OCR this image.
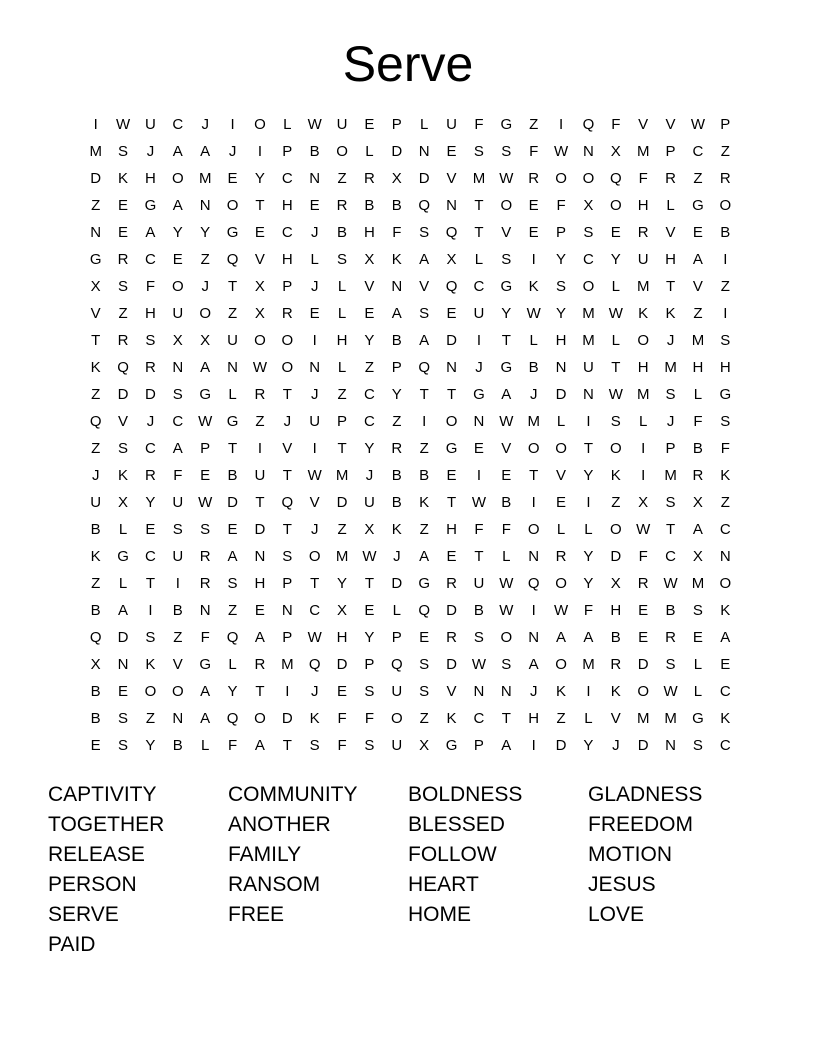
Serve
I	W U	C	J	I	O	L	W U	E	P	L	U	F	G	Z	I	Q	F	V	V	W	P
M	S	J	A	A	J	I	P	B	O	L	D	N	E	S	S	F	W N	X	M	P	C	Z
D	K	H	O	M	E	Y	C	N	Z	R	X	D	V	M W R	O	O	Q	F	R	Z	R
Z	E	G	A	N	O	T	H	E	R	B	B	Q	N	T	O	E	F	X	O	H	L	G	O
N	E	A	Y	Y	G	E	C	J	B	H	F	S	Q	T	V	E	P	S	E	R	V	E	B
G	R	C	E	Z	Q	V	H	L	S	X	K	A	X	L	S	I	Y	C	Y	U	H	A	I
X	S	F	O	J	T	X	P	J	L	V	N	V	Q	C	G	K	S	O	L	M	T	V	Z
V	Z	H	U	O	Z	X	R	E	L	E	A	S	E	U	Y	W	Y	M W	K	K	Z	I
T	R	S	X	X	U	O	O	I	H	Y	B	A	D	I	T	L	H	M	L	O	J	M	S
K	Q	R	N	A	N W O	N	L	Z	P	Q	N	J	G	B	N	U	T	H	M	H	H
Z	D	D	S	G	L	R	T	J	Z	C	Y	T	T	G	A	J	D	N W M	S	L	G
Q	V	J	C W G	Z	J	U	P	C	Z	I	O	N W M	L	I	S	L	J	F	S
Z	S	C	A	P	T	I	V	I	T	Y	R	Z	G	E	V	O	O	T	O	I	P	B	F
J	K	R	F	E	B	U	T	W M	J	B	B	E	I	E	T	V	Y	K	I	M	R	K
U	X	Y	U W D	T	Q	V	D	U	B	K	T	W	B	I	E	I	Z	X	S	X	Z
B	L	E	S	S	E	D	T	J	Z	X	K	Z	H	F	F	O	L	L	O W	T	A	C
K	G	C	U	R	A	N	S	O	M W	J	A	E	T	L	N	R	Y	D	F	C	X	N
Z	L	T	I	R	S	H	P	T	Y	T	D	G	R	U W Q	O	Y	X	R W M	O
B	A	I	B	N	Z	E	N	C	X	E	L	Q	D	B	W	I	W	F	H	E	B	S	K
Q	D	S	Z	F	Q	A	P	W H	Y	P	E	R	S	O	N	A	A	B	E	R	E	A
X	N	K	V	G	L	R	M	Q	D	P	Q	S	D W	S	A	O	M	R	D	S	L	E
B	E	O	O	A	Y	T	I	J	E	S	U	S	V	N	N	J	K	I	K	O W	L	C
B	S	Z	N	A	Q	O	D	K	F	F	O	Z	K	C	T	H	Z	L	V	M M	G	K
E	S	Y	B	L	F	A	T	S	F	S	U	X	G	P	A	I	D	Y	J	D	N	S	C
CAPTIVITY	COMMUNITY	BOLDNESS	GLADNESS
TOGETHER	ANOTHER	BLESSED	FREEDOM
RELEASE	FAMILY	FOLLOW	MOTION
PERSON	RANSOM	HEART	JESUS
SERVE	FREE	HOME	LOVE
PAID
